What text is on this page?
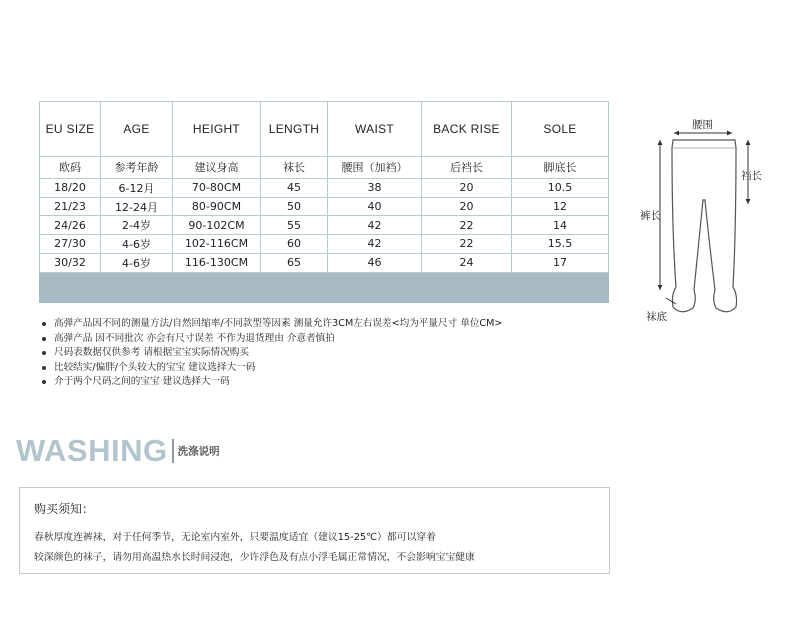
EU SIZE	AGE	HEIGHT	LENGTH	WAIST	BACK RISE	SOLE
欧码	参考年龄	建议身高	袜长	腰围（加裆）	后裆长	脚底长
18/20	6-12月	70-80CM	45	38	20	10.5
21/23	12-24月	80-90CM	50	40	20	12
24/26	2-4岁	90-102CM	55	42	22	14
27/30	4-6岁	102-116CM	60	42	22	15.5
30/32	4-6岁	116-130CM	65	46	24	17

腰围
裆长
裤长
袜底
高弹产品因不同的测量方法/自然回缩率/不同款型等因素 测量允许3CM左右误差<均为平量尺寸 单位CM>
高弹产品 因不同批次 亦会有尺寸误差 不作为退货理由 介意者慎拍
尺码表数据仅供参考 请根据宝宝实际情况购买
比较结实/偏胖/个头较大的宝宝 建议选择大一码
介于两个尺码之间的宝宝 建议选择大一码
WASHING 洗涤说明
购买须知：
春秋厚度连裤袜，对于任何季节，无论室内室外，只要温度适宜（建议15-25℃）都可以穿着
较深颜色的袜子，请勿用高温热水长时间浸泡，少许浮色及有点小浮毛属正常情况，不会影响宝宝健康
